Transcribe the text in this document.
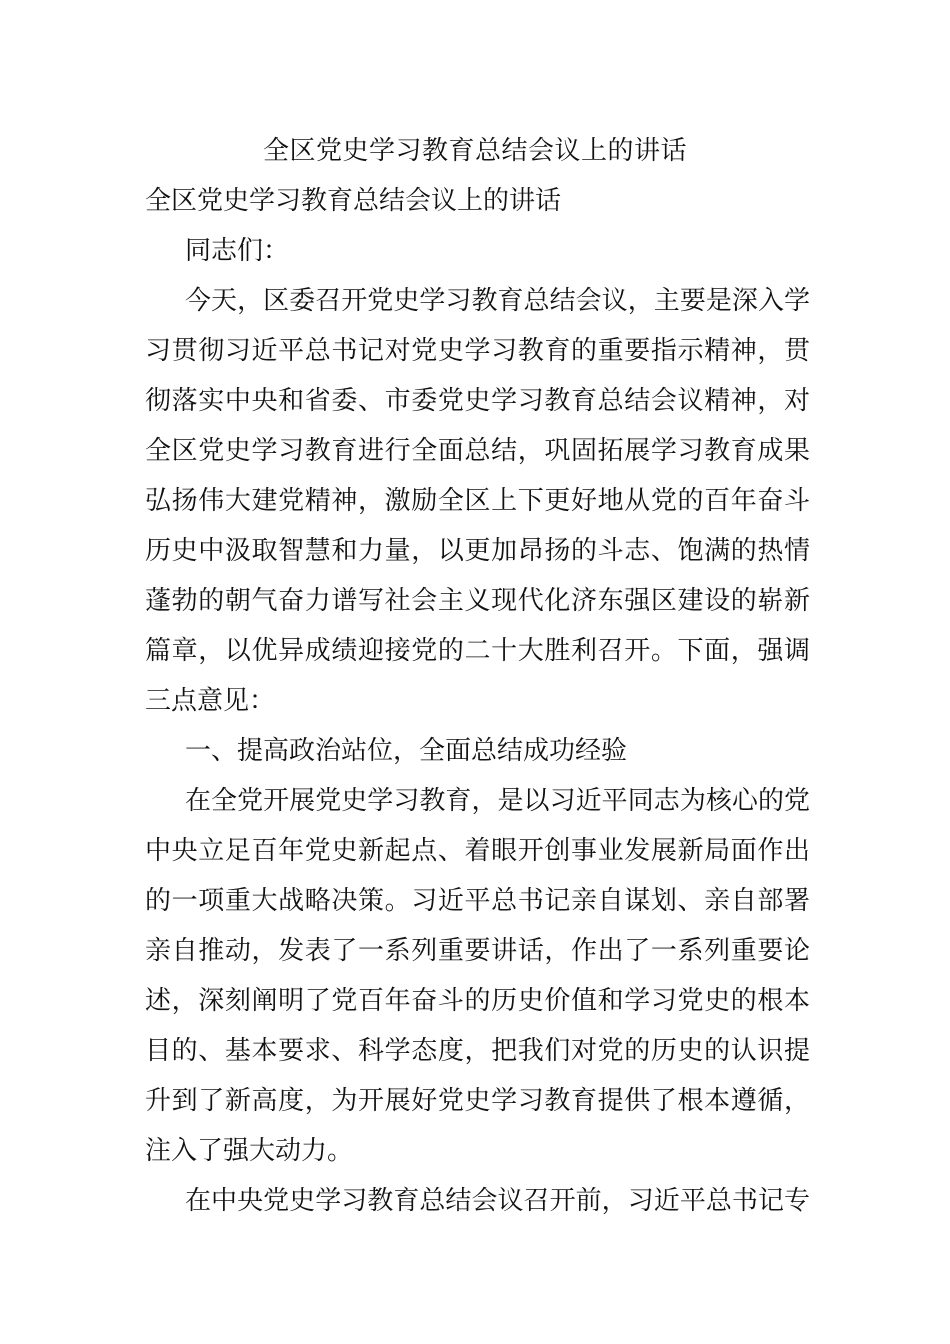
全区党史学习教育总结会议上的讲话
全区党史学习教育总结会议上的讲话
同志们：
今天，区委召开党史学习教育总结会议，主要是深入学
习贯彻习近平总书记对党史学习教育的重要指示精神，贯
彻落实中央和省委、市委党史学习教育总结会议精神，对
全区党史学习教育进行全面总结，巩固拓展学习教育成果
弘扬伟大建党精神，激励全区上下更好地从党的百年奋斗
历史中汲取智慧和力量，以更加昂扬的斗志、饱满的热情
蓬勃的朝气奋力谱写社会主义现代化济东强区建设的崭新
篇章，以优异成绩迎接党的二十大胜利召开。下面，强调
三点意见：
一、提高政治站位，全面总结成功经验
在全党开展党史学习教育，是以习近平同志为核心的党
中央立足百年党史新起点、着眼开创事业发展新局面作出
的一项重大战略决策。习近平总书记亲自谋划、亲自部署
亲自推动，发表了一系列重要讲话，作出了一系列重要论
述，深刻阐明了党百年奋斗的历史价值和学习党史的根本
目的、基本要求、科学态度，把我们对党的历史的认识提
升到了新高度，为开展好党史学习教育提供了根本遵循，
注入了强大动力。
在中央党史学习教育总结会议召开前，习近平总书记专
